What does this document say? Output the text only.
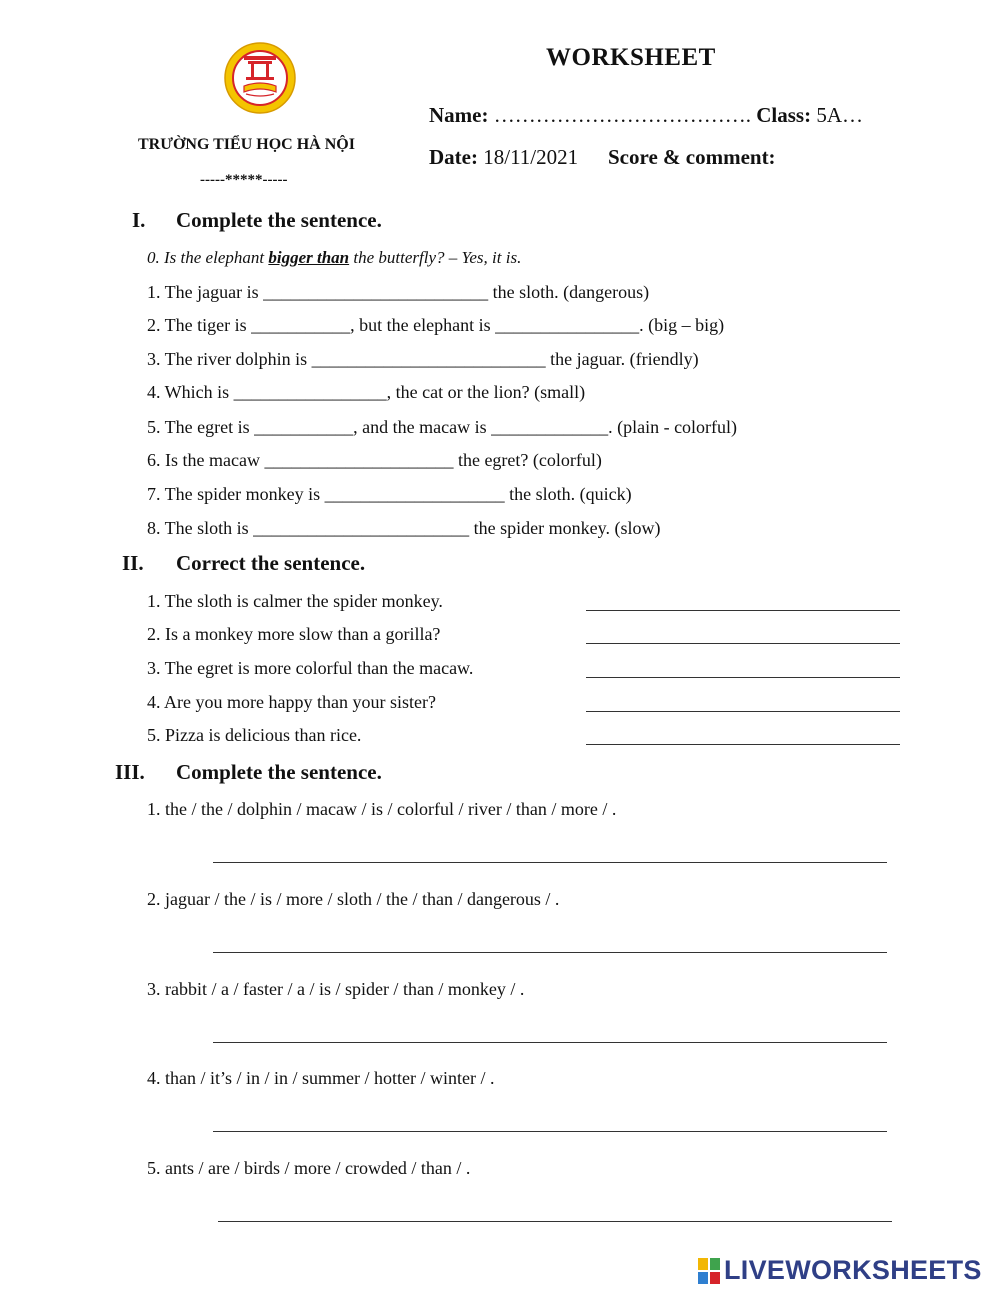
TRƯỜNG TIỂU HỌC HÀ NỘI
-----*****-----
WORKSHEET
Name: ………………………………. Class: 5A…
Date: 18/11/2021 Score & comment:
I. Complete the sentence.
0. Is the elephant bigger than the butterfly? – Yes, it is.
1. The jaguar is _________________________ the sloth. (dangerous)
2. The tiger is ___________, but the elephant is ________________. (big – big)
3. The river dolphin is __________________________ the jaguar. (friendly)
4. Which is _________________, the cat or the lion? (small)
5. The egret is ___________, and the macaw is _____________. (plain - colorful)
6. Is the macaw _____________________ the egret? (colorful)
7. The spider monkey is ____________________ the sloth. (quick)
8. The sloth is ________________________ the spider monkey. (slow)
II. Correct the sentence.
1. The sloth is calmer the spider monkey.
2. Is a monkey more slow than a gorilla?
3. The egret is more colorful than the macaw.
4. Are you more happy than your sister?
5. Pizza is delicious than rice.
III. Complete the sentence.
1. the / the / dolphin / macaw / is / colorful / river / than / more / .
2. jaguar / the / is / more / sloth / the / than / dangerous / .
3. rabbit / a / faster / a / is / spider / than / monkey / .
4. than / it’s / in / in / summer / hotter / winter / .
5. ants / are / birds / more / crowded / than / .
LIVEWORKSHEETS
